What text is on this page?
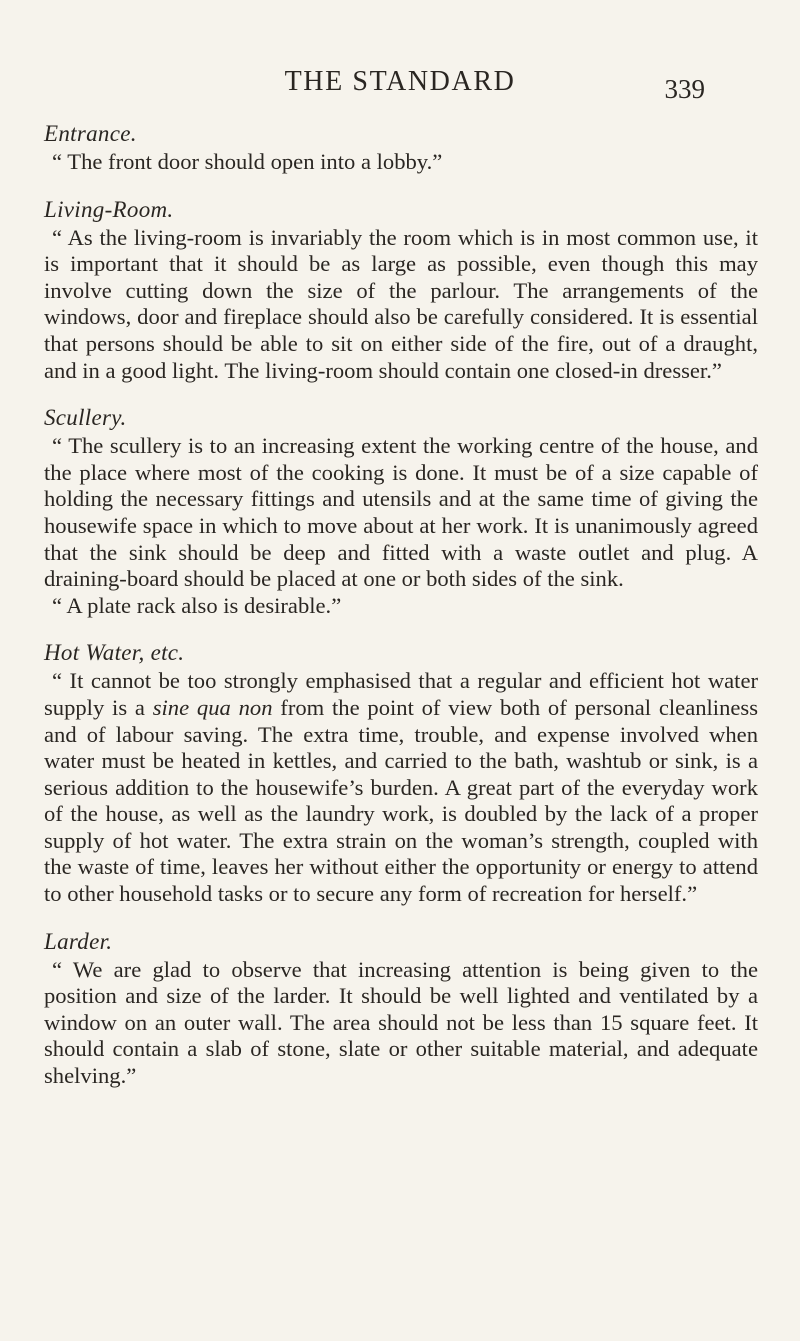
THE STANDARD	339

Entrance.

“ The front door should open into a lobby.”

Living-Room.

“ As the living-room is invariably the room which is in most common use, it is important that it should be as large as possible, even though this may involve cutting down the size of the parlour. The arrangements of the windows, door and fireplace should also be carefully considered. It is essential that persons should be able to sit on either side of the fire, out of a draught, and in a good light. The living-room should contain one closed-in dresser.”

Scullery.

“ The scullery is to an increasing extent the working centre of the house, and the place where most of the cooking is done. It must be of a size capable of holding the necessary fittings and utensils and at the same time of giving the housewife space in which to move about at her work. It is unanimously agreed that the sink should be deep and fitted with a waste outlet and plug. A draining-board should be placed at one or both sides of the sink.

“ A plate rack also is desirable.”

Hot Water, etc.

“ It cannot be too strongly emphasised that a regular and efficient hot water supply is a sine qua non from the point of view both of personal cleanliness and of labour saving. The extra time, trouble, and expense involved when water must be heated in kettles, and carried to the bath, washtub or sink, is a serious addition to the housewife’s burden. A great part of the everyday work of the house, as well as the laundry work, is doubled by the lack of a proper supply of hot water. The extra strain on the woman’s strength, coupled with the waste of time, leaves her without either the opportunity or energy to attend to other household tasks or to secure any form of recreation for herself.”

Larder.

“ We are glad to observe that increasing attention is being given to the position and size of the larder. It should be well lighted and ventilated by a window on an outer wall. The area should not be less than 15 square feet. It should contain a slab of stone, slate or other suitable material, and adequate shelving.”
